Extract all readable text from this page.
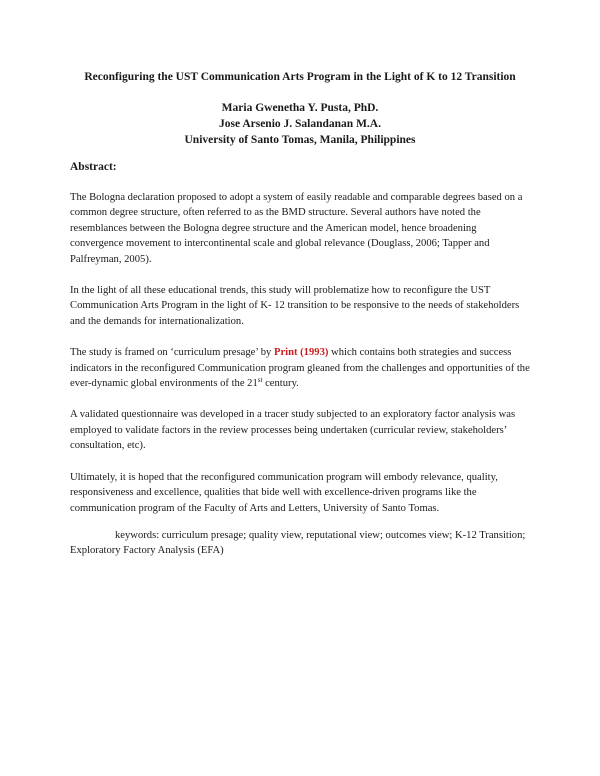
Reconfiguring the UST Communication Arts Program in the Light of K to 12 Transition
Maria Gwenetha Y. Pusta, PhD.
Jose Arsenio J. Salandanan M.A.
University of Santo Tomas, Manila, Philippines
Abstract:

The Bologna declaration proposed to adopt a system of easily readable and comparable degrees based on a common degree structure, often referred to as the BMD structure. Several authors have noted the resemblances between the Bologna degree structure and the American model, hence broadening convergence movement to intercontinental scale and global relevance (Douglass, 2006; Tapper and Palfreyman, 2005).

In the light of all these educational trends, this study will problematize how to reconfigure the UST Communication Arts Program in the light of K- 12 transition to be responsive to the needs of stakeholders and the demands for internationalization.

The study is framed on ‘curriculum presage’ by Print (1993) which contains both strategies and success indicators in the reconfigured Communication program gleaned from the challenges and opportunities of the ever-dynamic global environments of the 21st century.

A validated questionnaire was developed in a tracer study subjected to an exploratory factor analysis was employed to validate factors in the review processes being undertaken (curricular review, stakeholders’ consultation, etc).

Ultimately, it is hoped that the reconfigured communication program will embody relevance, quality, responsiveness and excellence, qualities that bide well with excellence-driven programs like the communication program of the Faculty of Arts and Letters, University of Santo Tomas.

keywords: curriculum presage; quality view, reputational view; outcomes view; K-12 Transition; Exploratory Factory Analysis (EFA)
